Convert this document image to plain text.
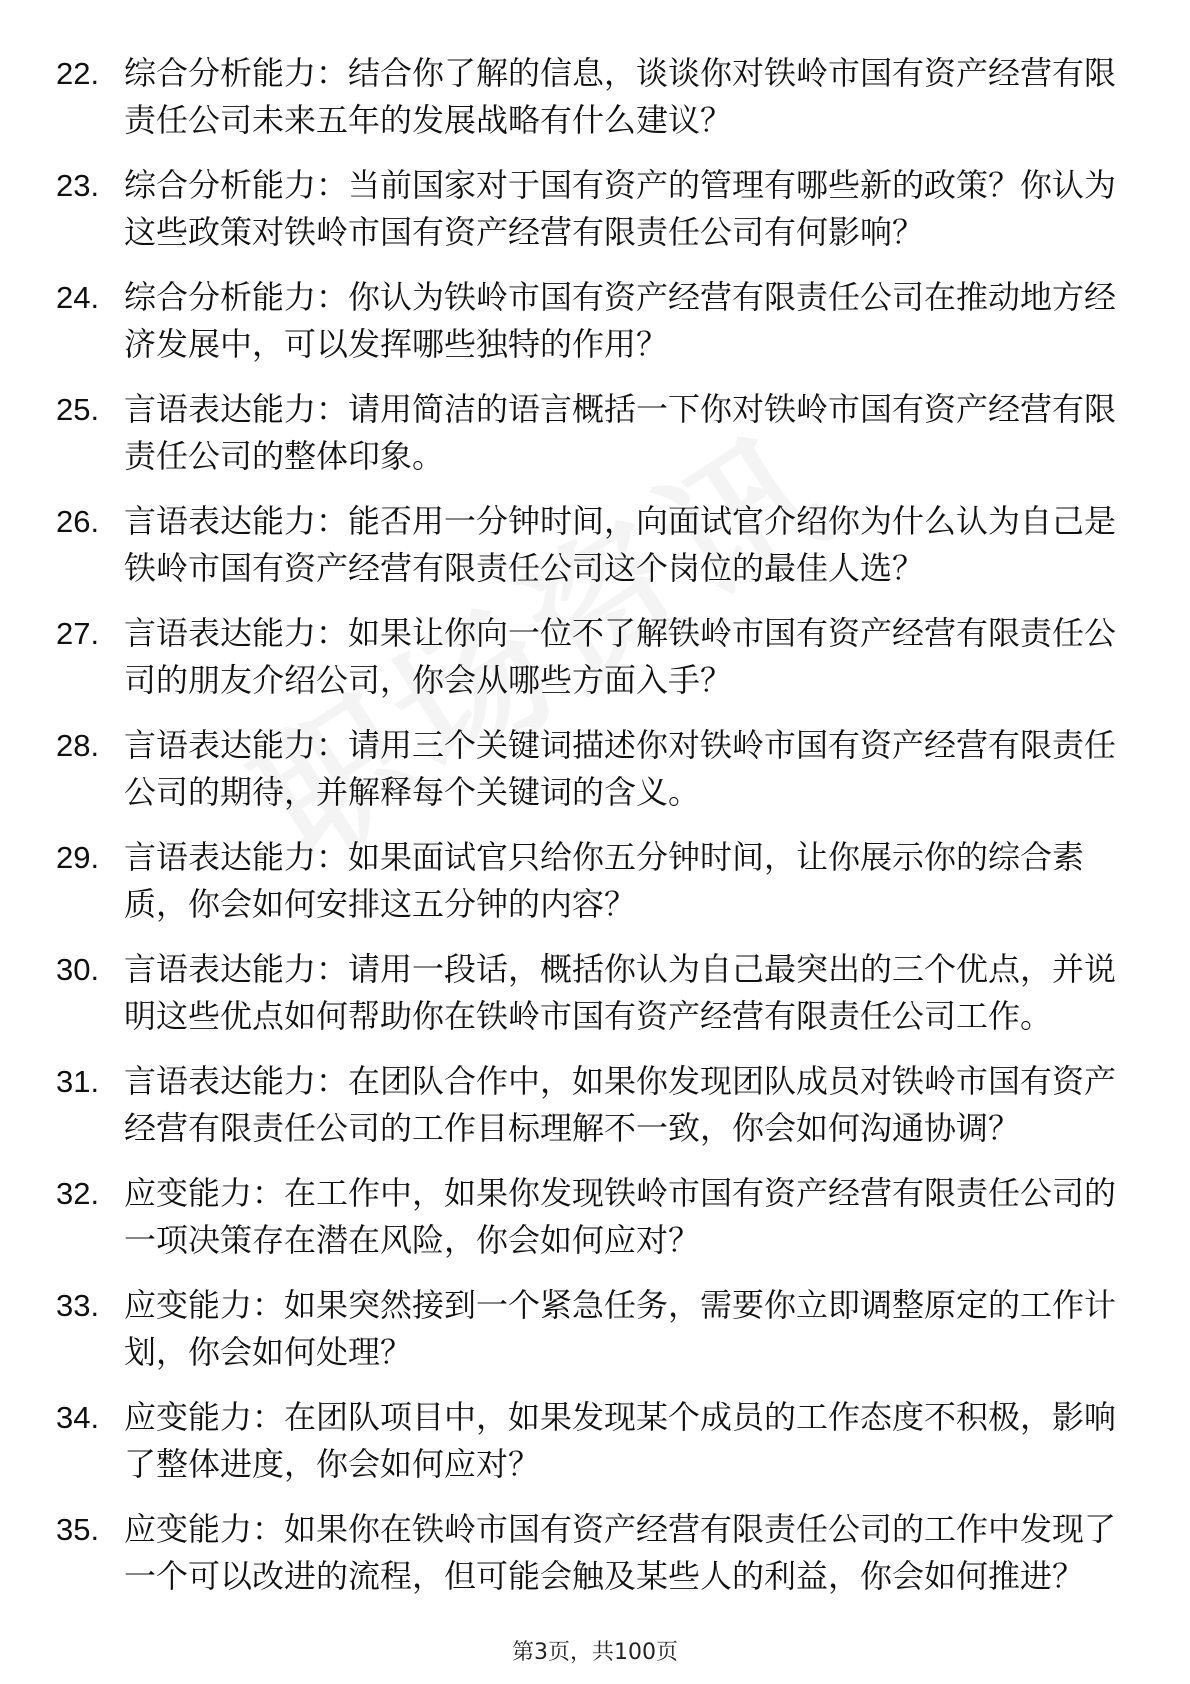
22. 综合分析能力：结合你了解的信息，谈谈你对铁岭市国有资产经营有限责任公司未来五年的发展战略有什么建议？
23. 综合分析能力：当前国家对于国有资产的管理有哪些新的政策？你认为这些政策对铁岭市国有资产经营有限责任公司有何影响？
24. 综合分析能力：你认为铁岭市国有资产经营有限责任公司在推动地方经济发展中，可以发挥哪些独特的作用？
25. 言语表达能力：请用简洁的语言概括一下你对铁岭市国有资产经营有限责任公司的整体印象。
26. 言语表达能力：能否用一分钟时间，向面试官介绍你为什么认为自己是铁岭市国有资产经营有限责任公司这个岗位的最佳人选？
27. 言语表达能力：如果让你向一位不了解铁岭市国有资产经营有限责任公司的朋友介绍公司，你会从哪些方面入手？
28. 言语表达能力：请用三个关键词描述你对铁岭市国有资产经营有限责任公司的期待，并解释每个关键词的含义。
29. 言语表达能力：如果面试官只给你五分钟时间，让你展示你的综合素质，你会如何安排这五分钟的内容？
30. 言语表达能力：请用一段话，概括你认为自己最突出的三个优点，并说明这些优点如何帮助你在铁岭市国有资产经营有限责任公司工作。
31. 言语表达能力：在团队合作中，如果你发现团队成员对铁岭市国有资产经营有限责任公司的工作目标理解不一致，你会如何沟通协调？
32. 应变能力：在工作中，如果你发现铁岭市国有资产经营有限责任公司的一项决策存在潜在风险，你会如何应对？
33. 应变能力：如果突然接到一个紧急任务，需要你立即调整原定的工作计划，你会如何处理？
34. 应变能力：在团队项目中，如果发现某个成员的工作态度不积极，影响了整体进度，你会如何应对？
35. 应变能力：如果你在铁岭市国有资产经营有限责任公司的工作中发现了一个可以改进的流程，但可能会触及某些人的利益，你会如何推进？
第3页，共100页
